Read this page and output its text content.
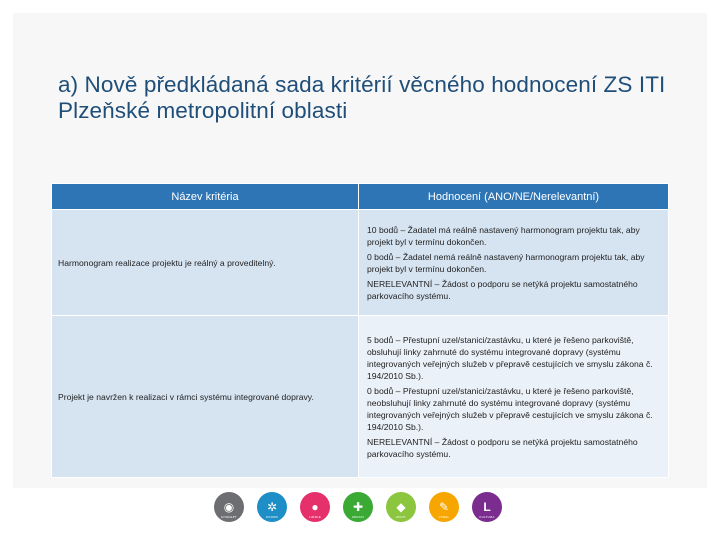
a) Nově předkládaná sada kritérií věcného hodnocení ZS ITI Plzeňské metropolitní oblasti
Název kritéria	Hodnocení (ANO/NE/Nerelevantní)
Harmonogram realizace projektu je reálný a proveditelný.	10 bodů – Žadatel má reálně nastavený harmonogram projektu tak, aby projekt byl v termínu dokončen.
0 bodů – Žadatel nemá reálně nastavený harmonogram projektu tak, aby projekt byl v termínu dokončen.
NERELEVANTNÍ – Žádost o podporu se netýká projektu samostatného parkovacího systému.

Projekt je navržen k realizaci v rámci systému integrované dopravy.	5 bodů – Přestupní uzel/stanici/zastávku, u které je řešeno parkoviště, obsluhují linky zahrnuté do systému integrované dopravy (systému integrovaných veřejných služeb v přepravě cestujících ve smyslu zákona č. 194/2010 Sb.).
0 bodů – Přestupní uzel/stanici/zastávku, u které je řešeno parkoviště, neobsluhují linky zahrnuté do systému integrované dopravy (systému integrovaných veřejných služeb v přepravě cestujících ve smyslu zákona č. 194/2010 Sb.).
NERELEVANTNÍ – Žádost o podporu se netýká projektu samostatného parkovacího systému.
◉
KONCEPT
✲
KOORD
●
LIDSKE
✚
ZDRAVI
◆
ZIVOT
✎
VZDEL
L
KULTURA
